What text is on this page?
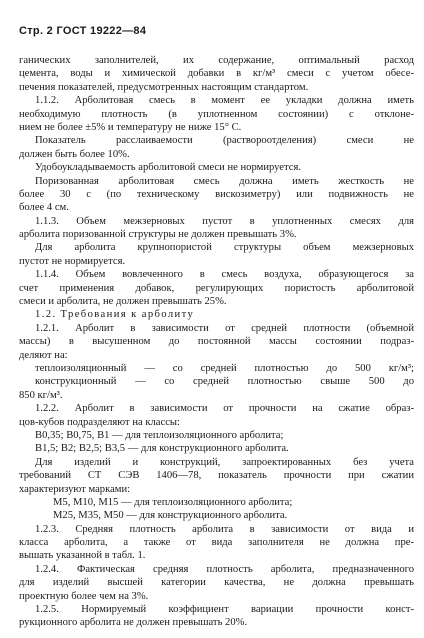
Стр. 2 ГОСТ 19222—84
ганических заполнителей, их содержание, оптимальный расход
цемента, воды и химической добавки в кг/м³ смеси с учетом обесе-
печения показателей, предусмотренных настоящим стандартом.
1.1.2. Арболитовая смесь в момент ее укладки должна иметь
необходимую плотность (в уплотненном состоянии) с отклоне-
нием не более ±5% и температуру не ниже 15° С.
Показатель расслаиваемости (раствороотделения) смеси не
должен быть более 10%.
Удобоукладываемость арболитовой смеси не нормируется.
Поризованная арболитовая смесь должна иметь жесткость не
более 30 с (по техническому вискозиметру) или подвижность не
более 4 см.
1.1.3. Объем межзерновых пустот в уплотненных смесях для
арболита поризованной структуры не должен превышать 3%.
Для арболита крупнопористой структуры объем межзерновых
пустот не нормируется.
1.1.4. Объем вовлеченного в смесь воздуха, образующегося за
счет применения добавок, регулирующих пористость арболитовой
смеси и арболита, не должен превышать 25%.
1.2. Требования к арболиту
1.2.1. Арболит в зависимости от средней плотности (объемной
массы) в высушенном до постоянной массы состоянии подраз-
деляют на:
теплоизоляционный — со средней плотностью до 500 кг/м³;
конструкционный — со средней плотностью свыше 500 до
850 кг/м³.
1.2.2. Арболит в зависимости от прочности на сжатие образ-
цов-кубов подразделяют на классы:
B0,35; B0,75, B1 — для теплоизоляционного арболита;
B1,5; B2; B2,5; B3,5 — для конструкционного арболита.
Для изделий и конструкций, запроектированных без учета
требований СТ СЭВ 1406—78, показатель прочности при сжатии
характеризуют марками:
M5, M10, M15 — для теплоизоляционного арболита;
M25, M35, M50 — для конструкционного арболита.
1.2.3. Средняя плотность арболита в зависимости от вида и
класса арболита, а также от вида заполнителя не должна пре-
вышать указанной в табл. 1.
1.2.4. Фактическая средняя плотность арболита, предназначенного
для изделий высшей категории качества, не должна превышать
проектную более чем на 3%.
1.2.5. Нормируемый коэффициент вариации прочности конст-
рукционного арболита не должен превышать 20%.
